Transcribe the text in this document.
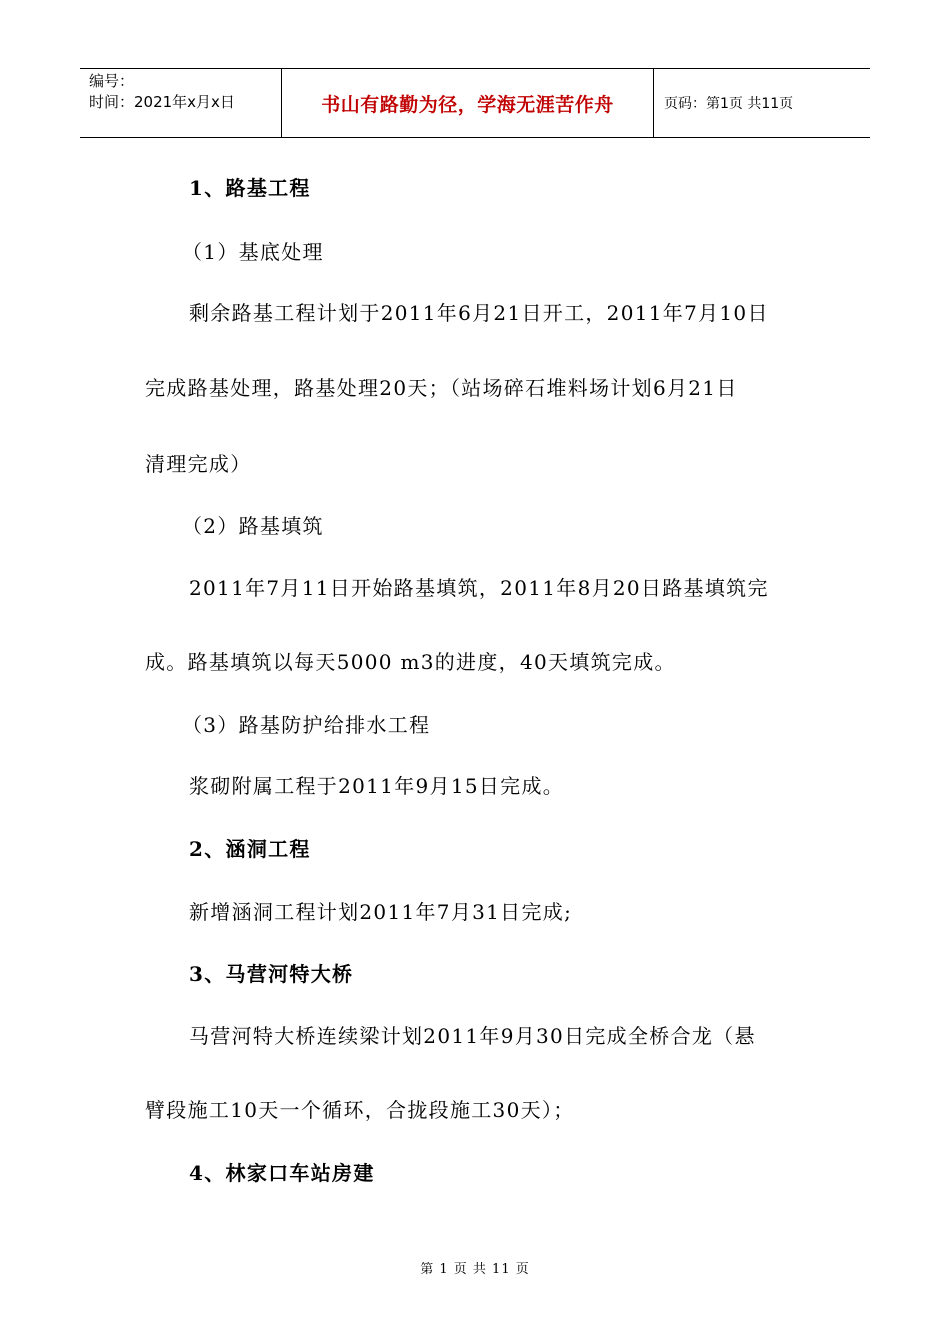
编号：
时间：2021年x月x日	书山有路勤为径，学海无涯苦作舟	页码：第1页 共11页
1、路基工程
（1）基底处理
剩余路基工程计划于2011年6月21日开工，2011年7月10日
完成路基处理，路基处理20天；（站场碎石堆料场计划6月21日
清理完成）
（2）路基填筑
2011年7月11日开始路基填筑，2011年8月20日路基填筑完
成。路基填筑以每天5000 m3的进度，40天填筑完成。
（3）路基防护给排水工程
浆砌附属工程于2011年9月15日完成。
2、涵洞工程
新增涵洞工程计划2011年7月31日完成;
3、马营河特大桥
马营河特大桥连续梁计划2011年9月30日完成全桥合龙（悬
臂段施工10天一个循环，合拢段施工30天）；
4、林家口车站房建
第 1 页 共 11 页
